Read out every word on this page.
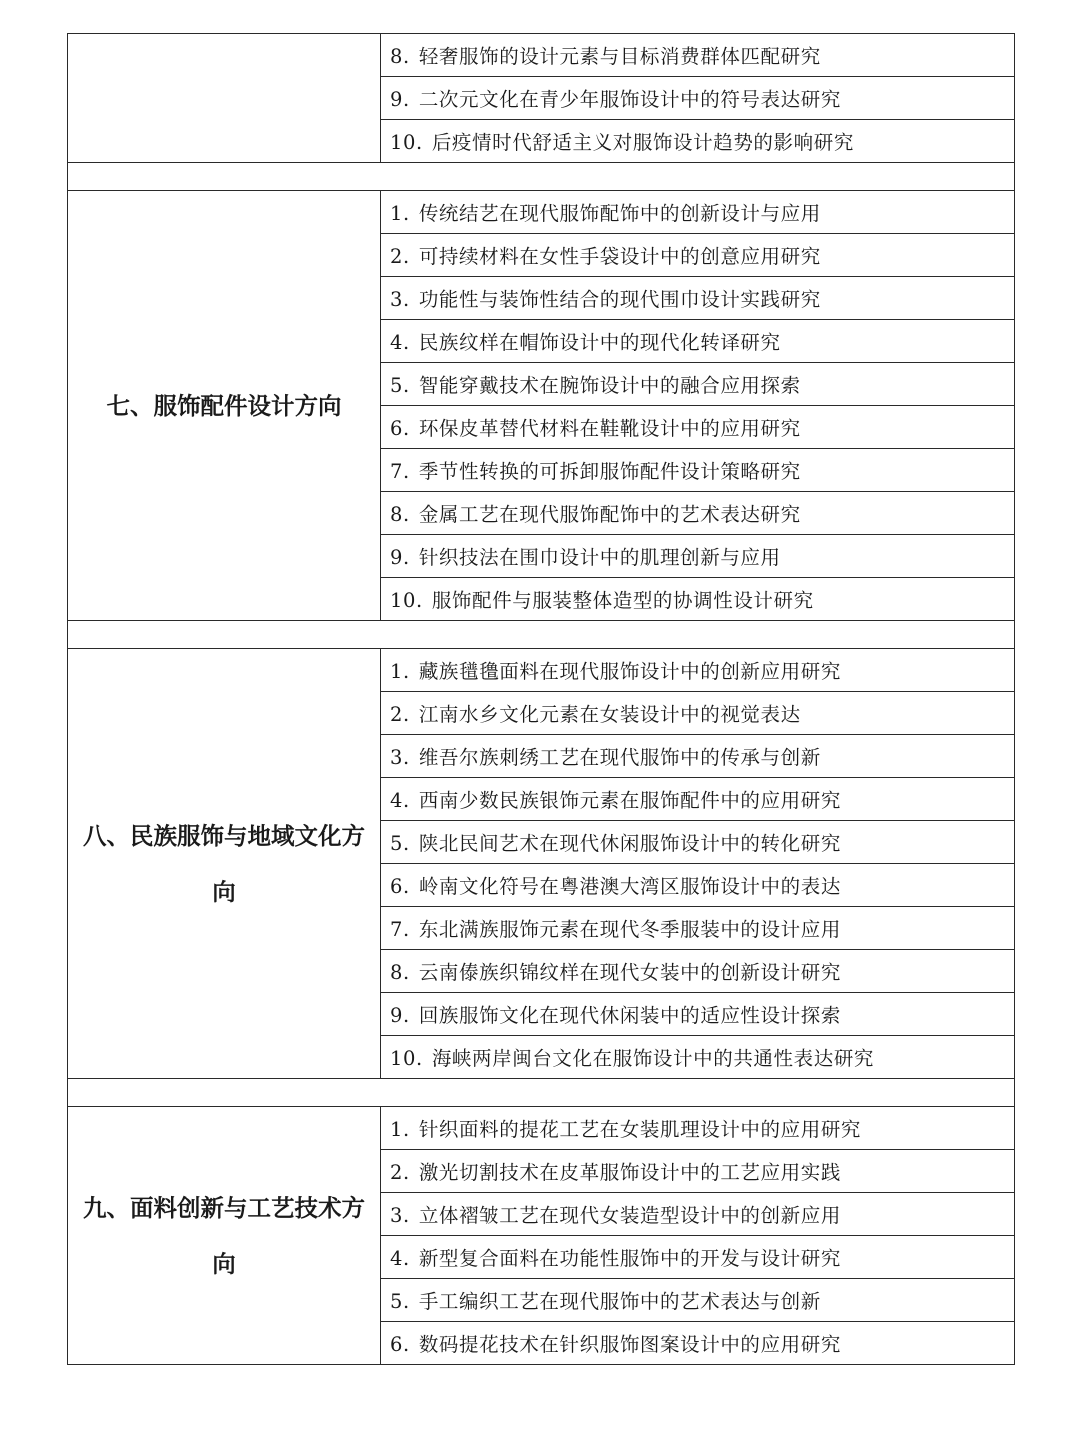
	8. 轻奢服饰的设计元素与目标消费群体匹配研究
	9. 二次元文化在青少年服饰设计中的符号表达研究
	10. 后疫情时代舒适主义对服饰设计趋势的影响研究

七、服饰配件设计方向	1. 传统结艺在现代服饰配饰中的创新设计与应用
	2. 可持续材料在女性手袋设计中的创意应用研究
	3. 功能性与装饰性结合的现代围巾设计实践研究
	4. 民族纹样在帽饰设计中的现代化转译研究
	5. 智能穿戴技术在腕饰设计中的融合应用探索
	6. 环保皮革替代材料在鞋靴设计中的应用研究
	7. 季节性转换的可拆卸服饰配件设计策略研究
	8. 金属工艺在现代服饰配饰中的艺术表达研究
	9. 针织技法在围巾设计中的肌理创新与应用
	10. 服饰配件与服装整体造型的协调性设计研究

八、民族服饰与地域文化方向	1. 藏族氆氇面料在现代服饰设计中的创新应用研究
	2. 江南水乡文化元素在女装设计中的视觉表达
	3. 维吾尔族刺绣工艺在现代服饰中的传承与创新
	4. 西南少数民族银饰元素在服饰配件中的应用研究
	5. 陕北民间艺术在现代休闲服饰设计中的转化研究
	6. 岭南文化符号在粤港澳大湾区服饰设计中的表达
	7. 东北满族服饰元素在现代冬季服装中的设计应用
	8. 云南傣族织锦纹样在现代女装中的创新设计研究
	9. 回族服饰文化在现代休闲装中的适应性设计探索
	10. 海峡两岸闽台文化在服饰设计中的共通性表达研究

九、面料创新与工艺技术方向	1. 针织面料的提花工艺在女装肌理设计中的应用研究
	2. 激光切割技术在皮革服饰设计中的工艺应用实践
	3. 立体褶皱工艺在现代女装造型设计中的创新应用
	4. 新型复合面料在功能性服饰中的开发与设计研究
	5. 手工编织工艺在现代服饰中的艺术表达与创新
	6. 数码提花技术在针织服饰图案设计中的应用研究
